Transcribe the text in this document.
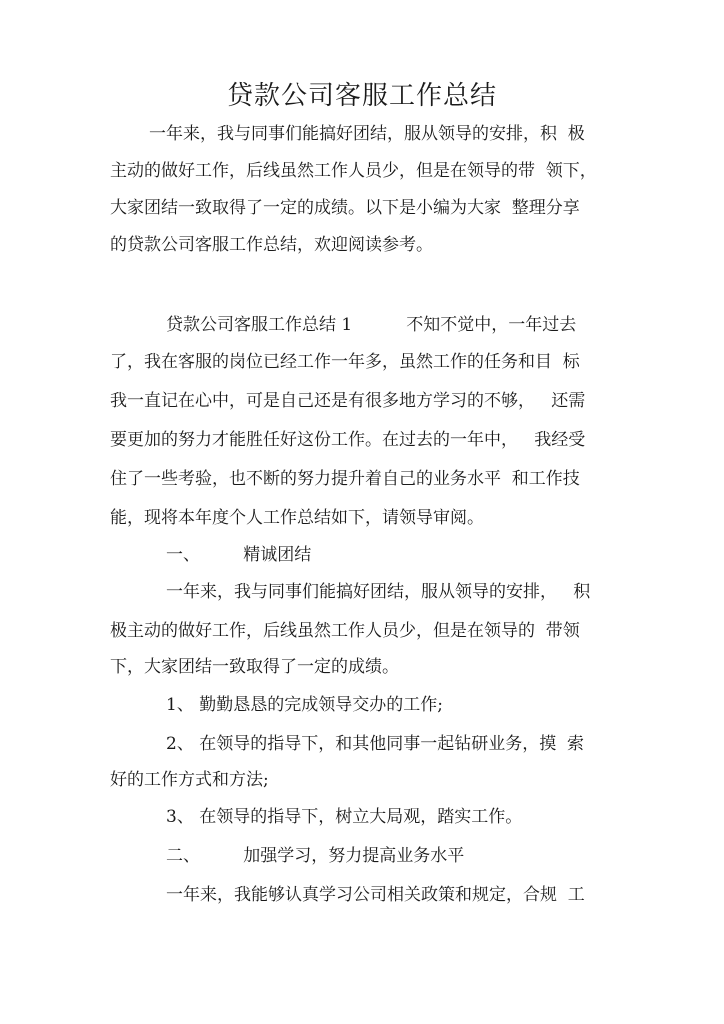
贷款公司客服工作总结

一年来，我与同事们能搞好团结，服从领导的安排，积  极

主动的做好工作，后线虽然工作人员少，但是在领导的带  领下，

大家团结一致取得了一定的成绩。以下是小编为大家  整理分享

的贷款公司客服工作总结，欢迎阅读参考。

贷款公司客服工作总结 1          不知不觉中，一年过去

了，我在客服的岗位已经工作一年多，虽然工作的任务和目  标

我一直记在心中，可是自己还是有很多地方学习的不够，   还需

要更加的努力才能胜任好这份工作。在过去的一年中，   我经受

住了一些考验，也不断的努力提升着自己的业务水平  和工作技

能，现将本年度个人工作总结如下，请领导审阅。

一、        精诚团结

一年来，我与同事们能搞好团结，服从领导的安排，   积

极主动的做好工作，后线虽然工作人员少，但是在领导的  带领

下，大家团结一致取得了一定的成绩。

1、 勤勤恳恳的完成领导交办的工作;

2、 在领导的指导下，和其他同事一起钻研业务，摸  索

好的工作方式和方法;

3、 在领导的指导下，树立大局观，踏实工作。

二、        加强学习，努力提高业务水平

一年来，我能够认真学习公司相关政策和规定，合规  工
